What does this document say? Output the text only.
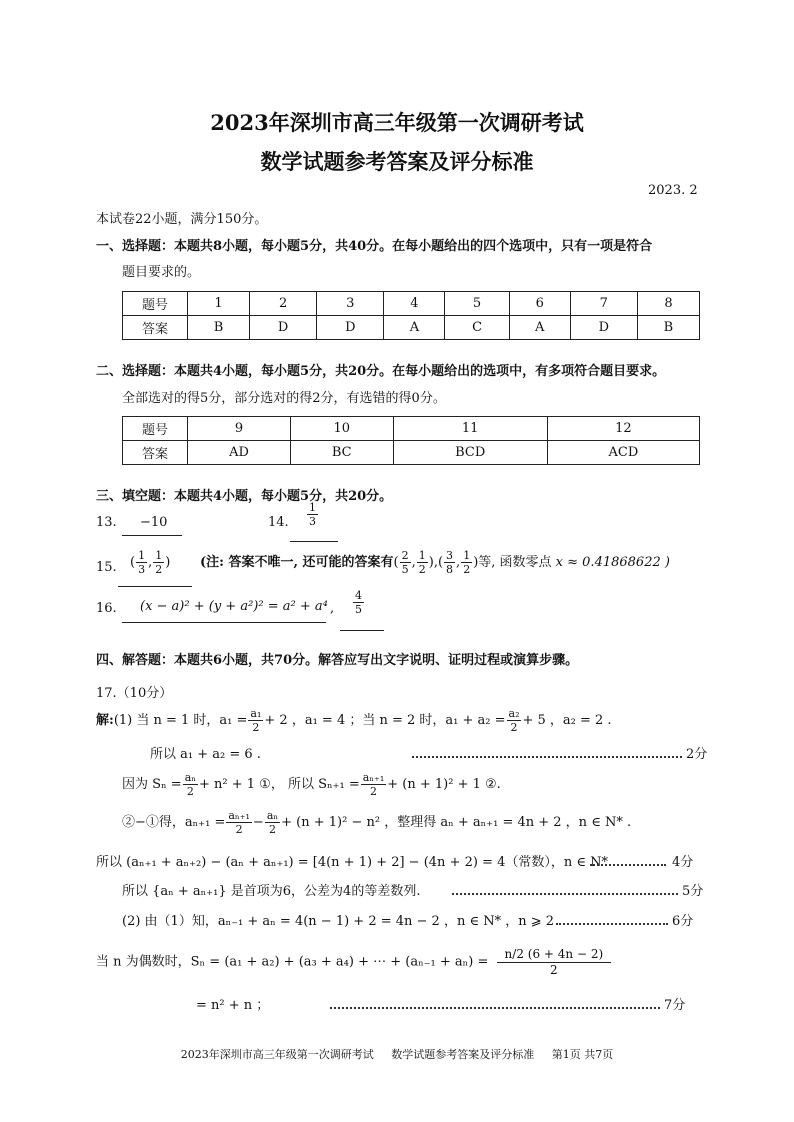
2023年深圳市高三年级第一次调研考试
数学试题参考答案及评分标准
2023. 2
本试卷22小题，满分150分。
一、选择题：本题共8小题，每小题5分，共40分。在每小题给出的四个选项中，只有一项是符合
题目要求的。
题号	1	2	3	4	5	6	7	8
答案	B	D	D	A	C	A	D	B
二、选择题：本题共4小题，每小题5分，共20分。在每小题给出的选项中，有多项符合题目要求。
全部选对的得5分，部分选对的得2分，有选错的得0分。
题号	9	10	11	12
答案	AD	BC	BCD	ACD
三、填空题：本题共4小题，每小题5分，共20分。
13. −10	14. $\frac{1}{3}$
15. ( $\frac{1}{3}$ , $\frac{1}{2}$ ) (注: 答案不唯一, 还可能的答案有( $\frac{2}{5}$ , $\frac{1}{2}$ ),( $\frac{3}{8}$ , $\frac{1}{2}$ )等, 函数零点 x ≈ 0.41868622 )
16. (x − a)² + (y + a²)² = a² + a⁴ , $\frac{4}{5}$
四、解答题：本题共6小题，共70分。解答应写出文字说明、证明过程或演算步骤。
17.（10分）
解:(1) 当 n = 1 时，$a_1 = \frac{\text{a₁}}{2} + 2$ ，a₁ = 4 ；当 n = 2 时，$a_1 + a_2 = \frac{\text{a₂}}{2} + 5$ ，a₂ = 2 .
所以 a₁ + a₂ = 6 .	2分
因为 $S_n = \frac{\text{aₙ}}{2} + n^2 + 1$ ①， 所以 $S_{n+1} = \frac{\text{aₙ₊₁}}{2} + (n + 1)^2 + 1$ ②.
②−①得，$a_{n+1} = \frac{\text{aₙ₊₁}}{2} - \frac{\text{aₙ}}{2} + (n + 1)^2 - n^2$ ，整理得 aₙ + aₙ₊₁ = 4n + 2 ，n ∈ N* .
所以 (aₙ₊₁ + aₙ₊₂) − (aₙ + aₙ₊₁) = [4(n + 1) + 2] − (4n + 2) = 4（常数），n ∈ N* .	4分
所以 {aₙ + aₙ₊₁} 是首项为6，公差为4的等差数列.	5分
(2) 由（1）知，aₙ₋₁ + aₙ = 4(n − 1) + 2 = 4n − 2 ，n ∈ N* ，n ⩾ 2 .	6分
当 n 为偶数时，Sₙ = (a₁ + a₂) + (a₃ + a₄) + ⋯ + $(a_{n-1} + a_n) = \frac{n/2 (6 + 4n - 2)}{2}$
= n² + n ；	7分
2023年深圳市高三年级第一次调研考试 数学试题参考答案及评分标准 第1页 共7页
